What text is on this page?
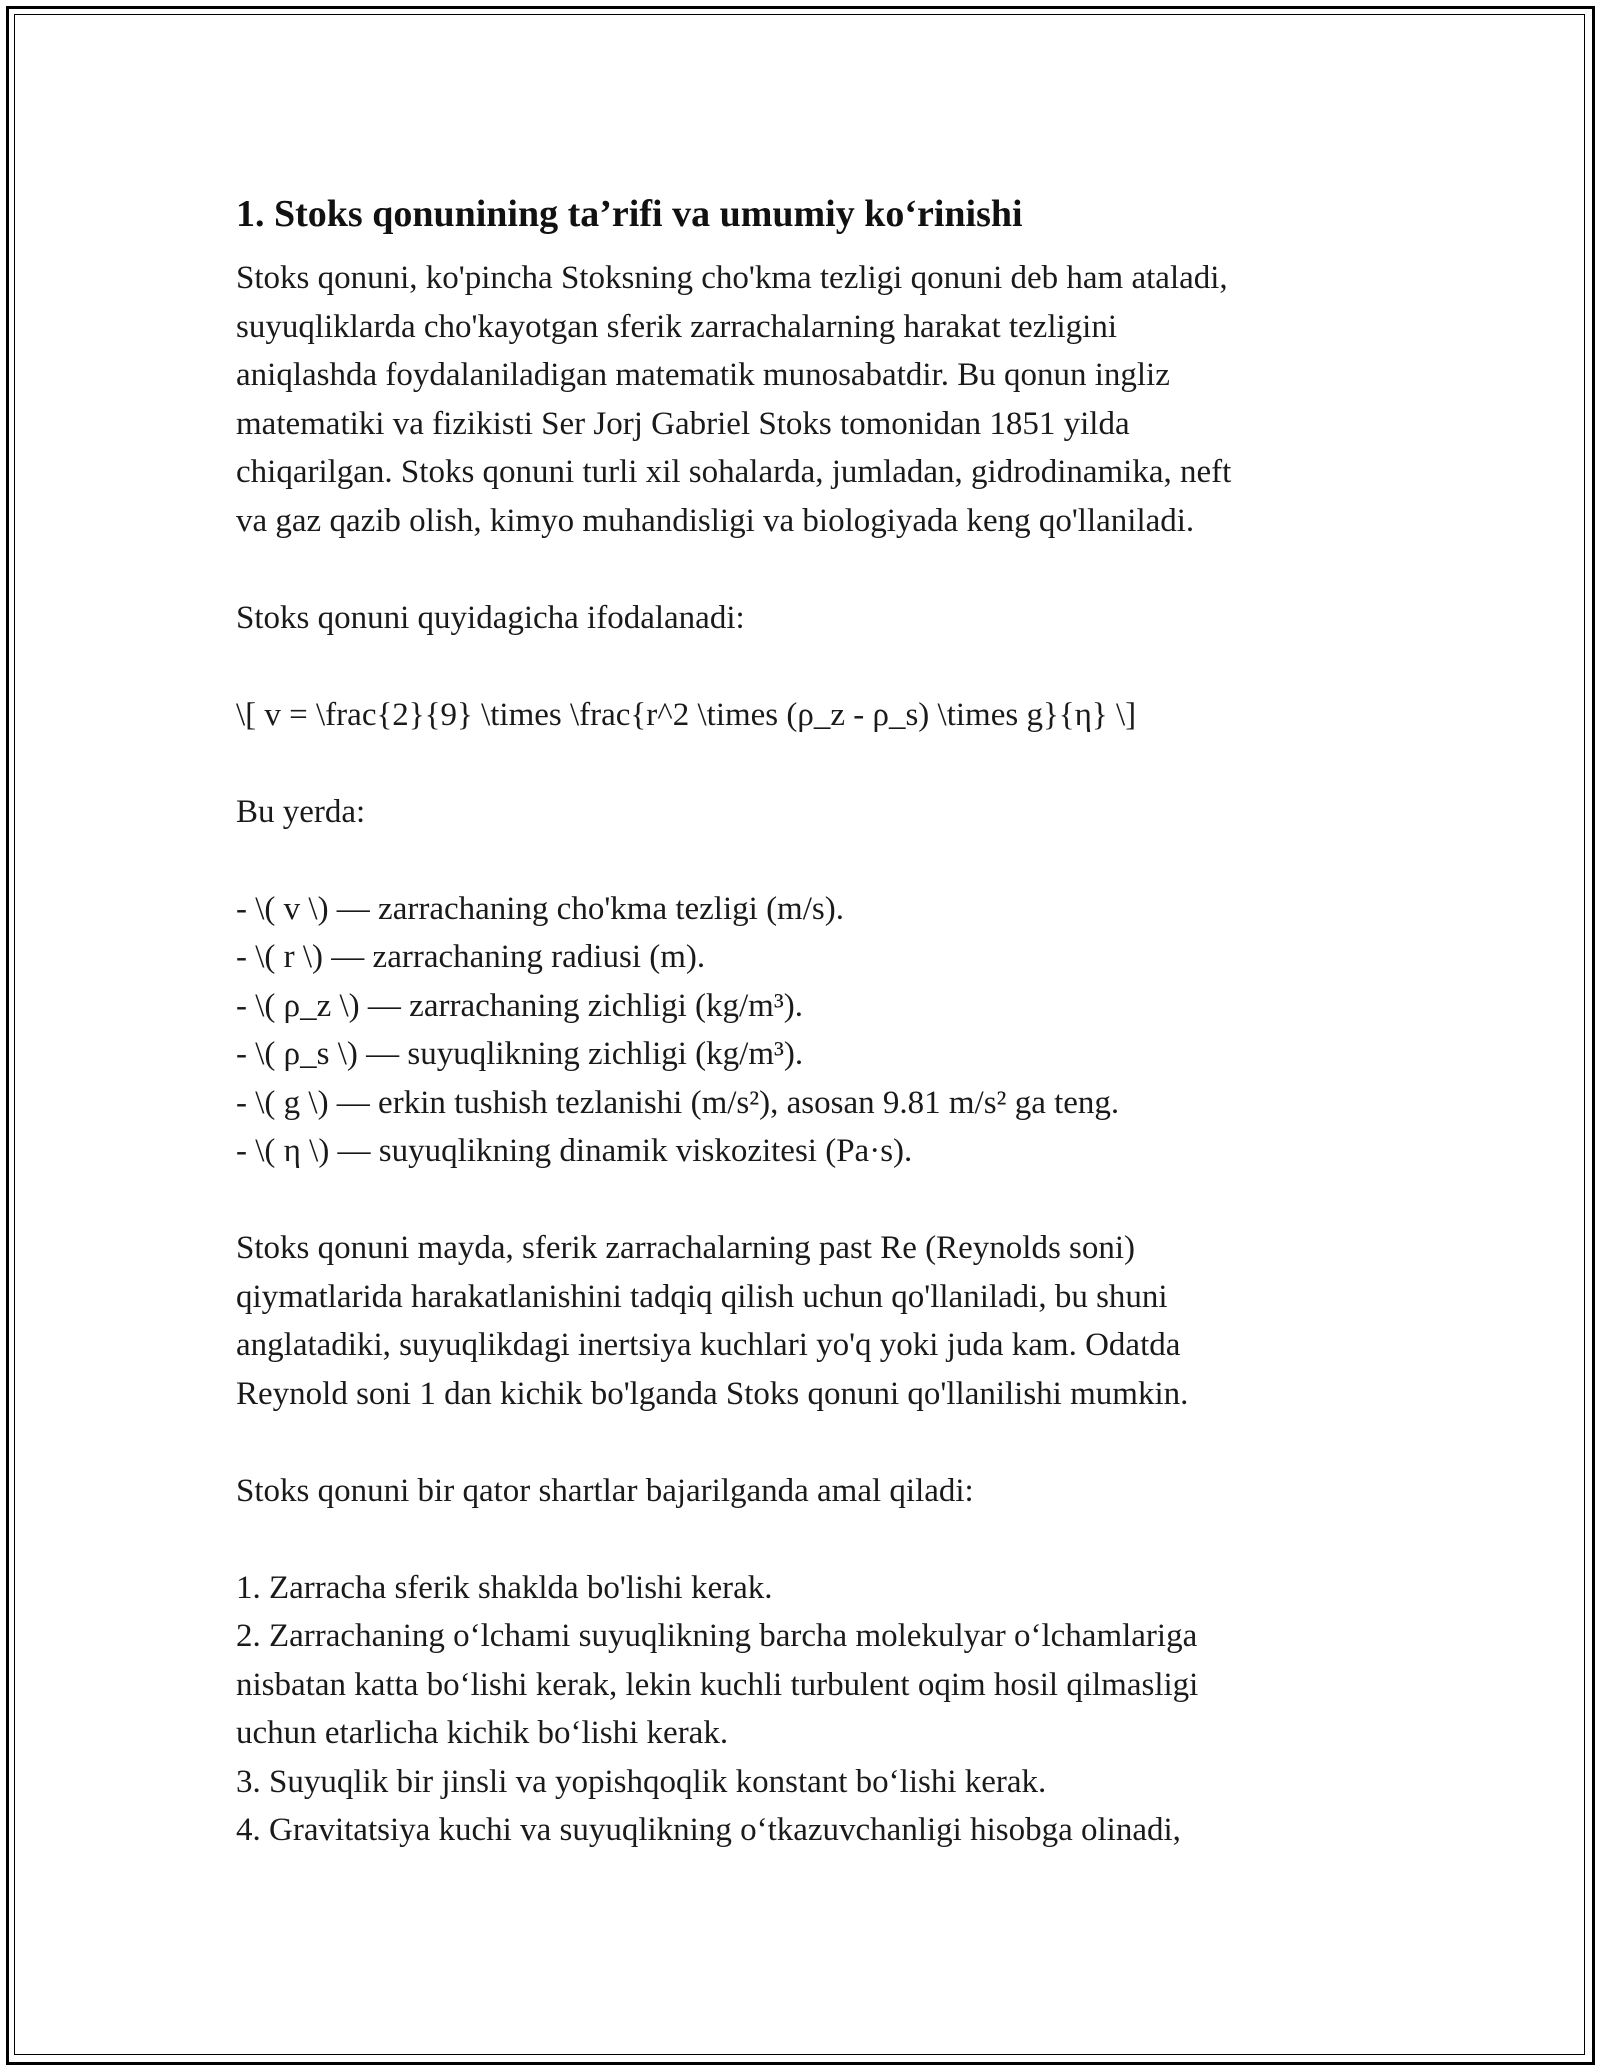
1. Stoks qonunining ta’rifi va umumiy ko‘rinishi
Stoks qonuni, ko'pincha Stoksning cho'kma tezligi qonuni deb ham ataladi,
suyuqliklarda cho'kayotgan sferik zarrachalarning harakat tezligini
aniqlashda foydalaniladigan matematik munosabatdir. Bu qonun ingliz
matematiki va fizikisti Ser Jorj Gabriel Stoks tomonidan 1851 yilda
chiqarilgan. Stoks qonuni turli xil sohalarda, jumladan, gidrodinamika, neft
va gaz qazib olish, kimyo muhandisligi va biologiyada keng qo'llaniladi.

Stoks qonuni quyidagicha ifodalanadi:

\[ v = \frac{2}{9} \times \frac{r^2 \times (ρ_z - ρ_s) \times g}{η} \]

Bu yerda:

- \( v \) — zarrachaning cho'kma tezligi (m/s).
- \( r \) — zarrachaning radiusi (m).
- \( ρ_z \) — zarrachaning zichligi (kg/m³).
- \( ρ_s \) — suyuqlikning zichligi (kg/m³).
- \( g \) — erkin tushish tezlanishi (m/s²), asosan 9.81 m/s² ga teng.
- \( η \) — suyuqlikning dinamik viskozitesi (Pa·s).
Stoks qonuni mayda, sferik zarrachalarning past Re (Reynolds soni)
qiymatlarida harakatlanishini tadqiq qilish uchun qo'llaniladi, bu shuni
anglatadiki, suyuqlikdagi inertsiya kuchlari yo'q yoki juda kam. Odatda
Reynold soni 1 dan kichik bo'lganda Stoks qonuni qo'llanilishi mumkin.

Stoks qonuni bir qator shartlar bajarilganda amal qiladi:

1. Zarracha sferik shaklda bo'lishi kerak.
2. Zarrachaning o‘lchami suyuqlikning barcha molekulyar o‘lchamlariga
nisbatan katta bo‘lishi kerak, lekin kuchli turbulent oqim hosil qilmasligi
uchun etarlicha kichik bo‘lishi kerak.
3. Suyuqlik bir jinsli va yopishqoqlik konstant bo‘lishi kerak.
4. Gravitatsiya kuchi va suyuqlikning o‘tkazuvchanligi hisobga olinadi,
